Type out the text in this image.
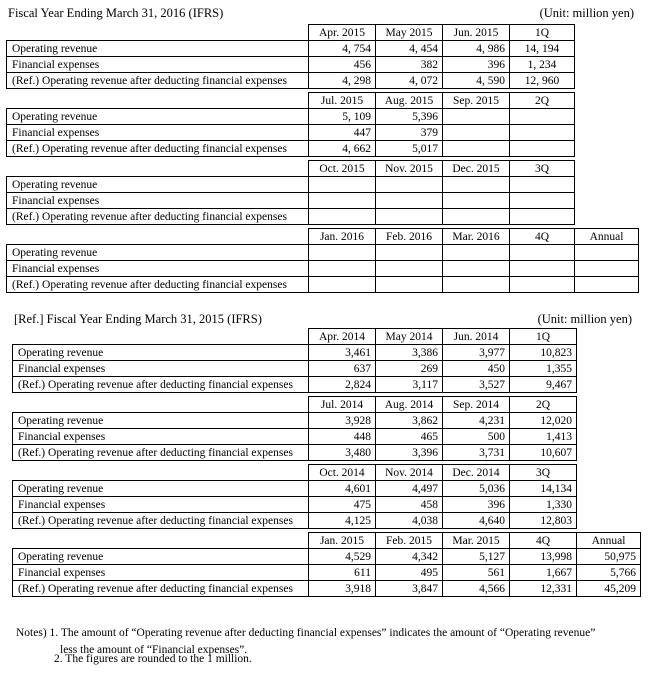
Fiscal Year Ending March 31, 2016 (IFRS)	(Unit: million yen)
	Apr. 2015	May 2015	Jun. 2015	1Q	
Operating revenue	4, 754	4, 454	4, 986	14, 194	
Financial expenses	456	382	396	1, 234	
(Ref.) Operating revenue after deducting financial expenses	4, 298	4, 072	4, 590	12, 960	
	Jul. 2015	Aug. 2015	Sep. 2015	2Q	
Operating revenue	5, 109	5,396			
Financial expenses	447	379			
(Ref.) Operating revenue after deducting financial expenses	4, 662	5,017			
	Oct. 2015	Nov. 2015	Dec. 2015	3Q	
Operating revenue					
Financial expenses					
(Ref.) Operating revenue after deducting financial expenses					
	Jan. 2016	Feb. 2016	Mar. 2016	4Q	Annual
Operating revenue					
Financial expenses					
(Ref.) Operating revenue after deducting financial expenses					
[Ref.] Fiscal Year Ending March 31, 2015 (IFRS)	(Unit: million yen)
	Apr. 2014	May 2014	Jun. 2014	1Q	
Operating revenue	3,461	3,386	3,977	10,823	
Financial expenses	637	269	450	1,355	
(Ref.) Operating revenue after deducting financial expenses	2,824	3,117	3,527	9,467	
	Jul. 2014	Aug. 2014	Sep. 2014	2Q	
Operating revenue	3,928	3,862	4,231	12,020	
Financial expenses	448	465	500	1,413	
(Ref.) Operating revenue after deducting financial expenses	3,480	3,396	3,731	10,607	
	Oct. 2014	Nov. 2014	Dec. 2014	3Q	
Operating revenue	4,601	4,497	5,036	14,134	
Financial expenses	475	458	396	1,330	
(Ref.) Operating revenue after deducting financial expenses	4,125	4,038	4,640	12,803	
	Jan. 2015	Feb. 2015	Mar. 2015	4Q	Annual
Operating revenue	4,529	4,342	5,127	13,998	50,975
Financial expenses	611	495	561	1,667	5,766
(Ref.) Operating revenue after deducting financial expenses	3,918	3,847	4,566	12,331	45,209
Notes) 1. The amount of “Operating revenue after deducting financial expenses” indicates the amount of “Operating revenue”
less the amount of “Financial expenses”.
2. The figures are rounded to the 1 million.
